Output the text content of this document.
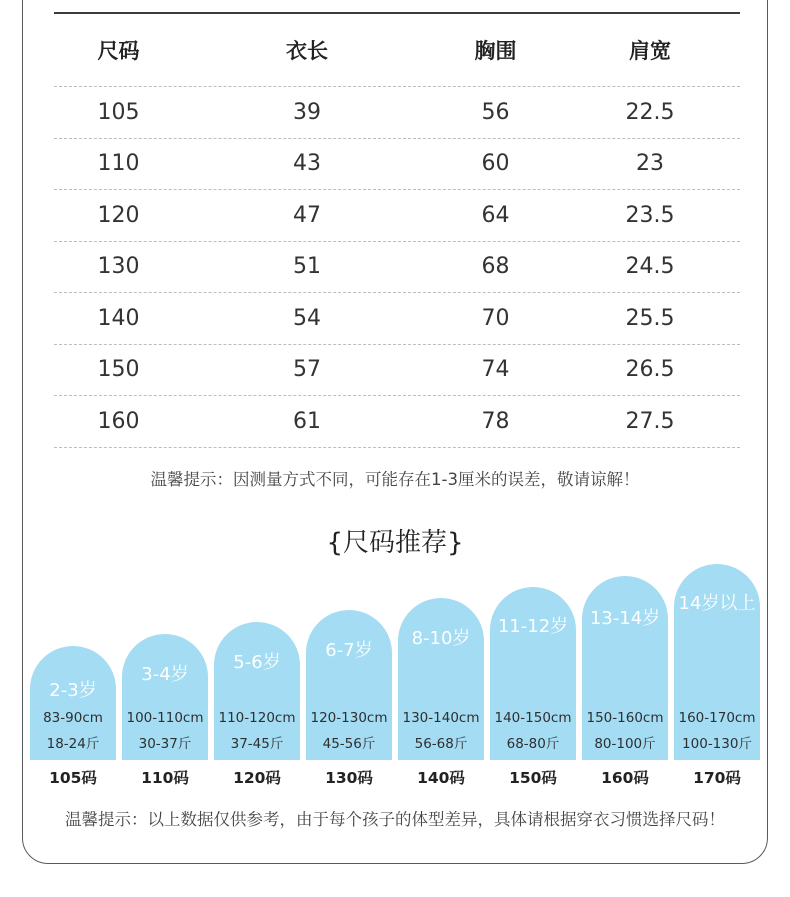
尺码	衣长	胸围	肩宽
105	39	56	22.5
110	43	60	23
120	47	64	23.5
130	51	68	24.5
140	54	70	25.5
150	57	74	26.5
160	61	78	27.5
温馨提示：因测量方式不同，可能存在1-3厘米的误差，敬请谅解！
{尺码推荐}
2-3岁
83-90cm
18-24斤
3-4岁
100-110cm
30-37斤
5-6岁
110-120cm
37-45斤
6-7岁
120-130cm
45-56斤
8-10岁
130-140cm
56-68斤
11-12岁
140-150cm
68-80斤
13-14岁
150-160cm
80-100斤
14岁以上
160-170cm
100-130斤
105码	110码	120码	130码	140码	150码	160码	170码
温馨提示：以上数据仅供参考，由于每个孩子的体型差异，具体请根据穿衣习惯选择尺码！
